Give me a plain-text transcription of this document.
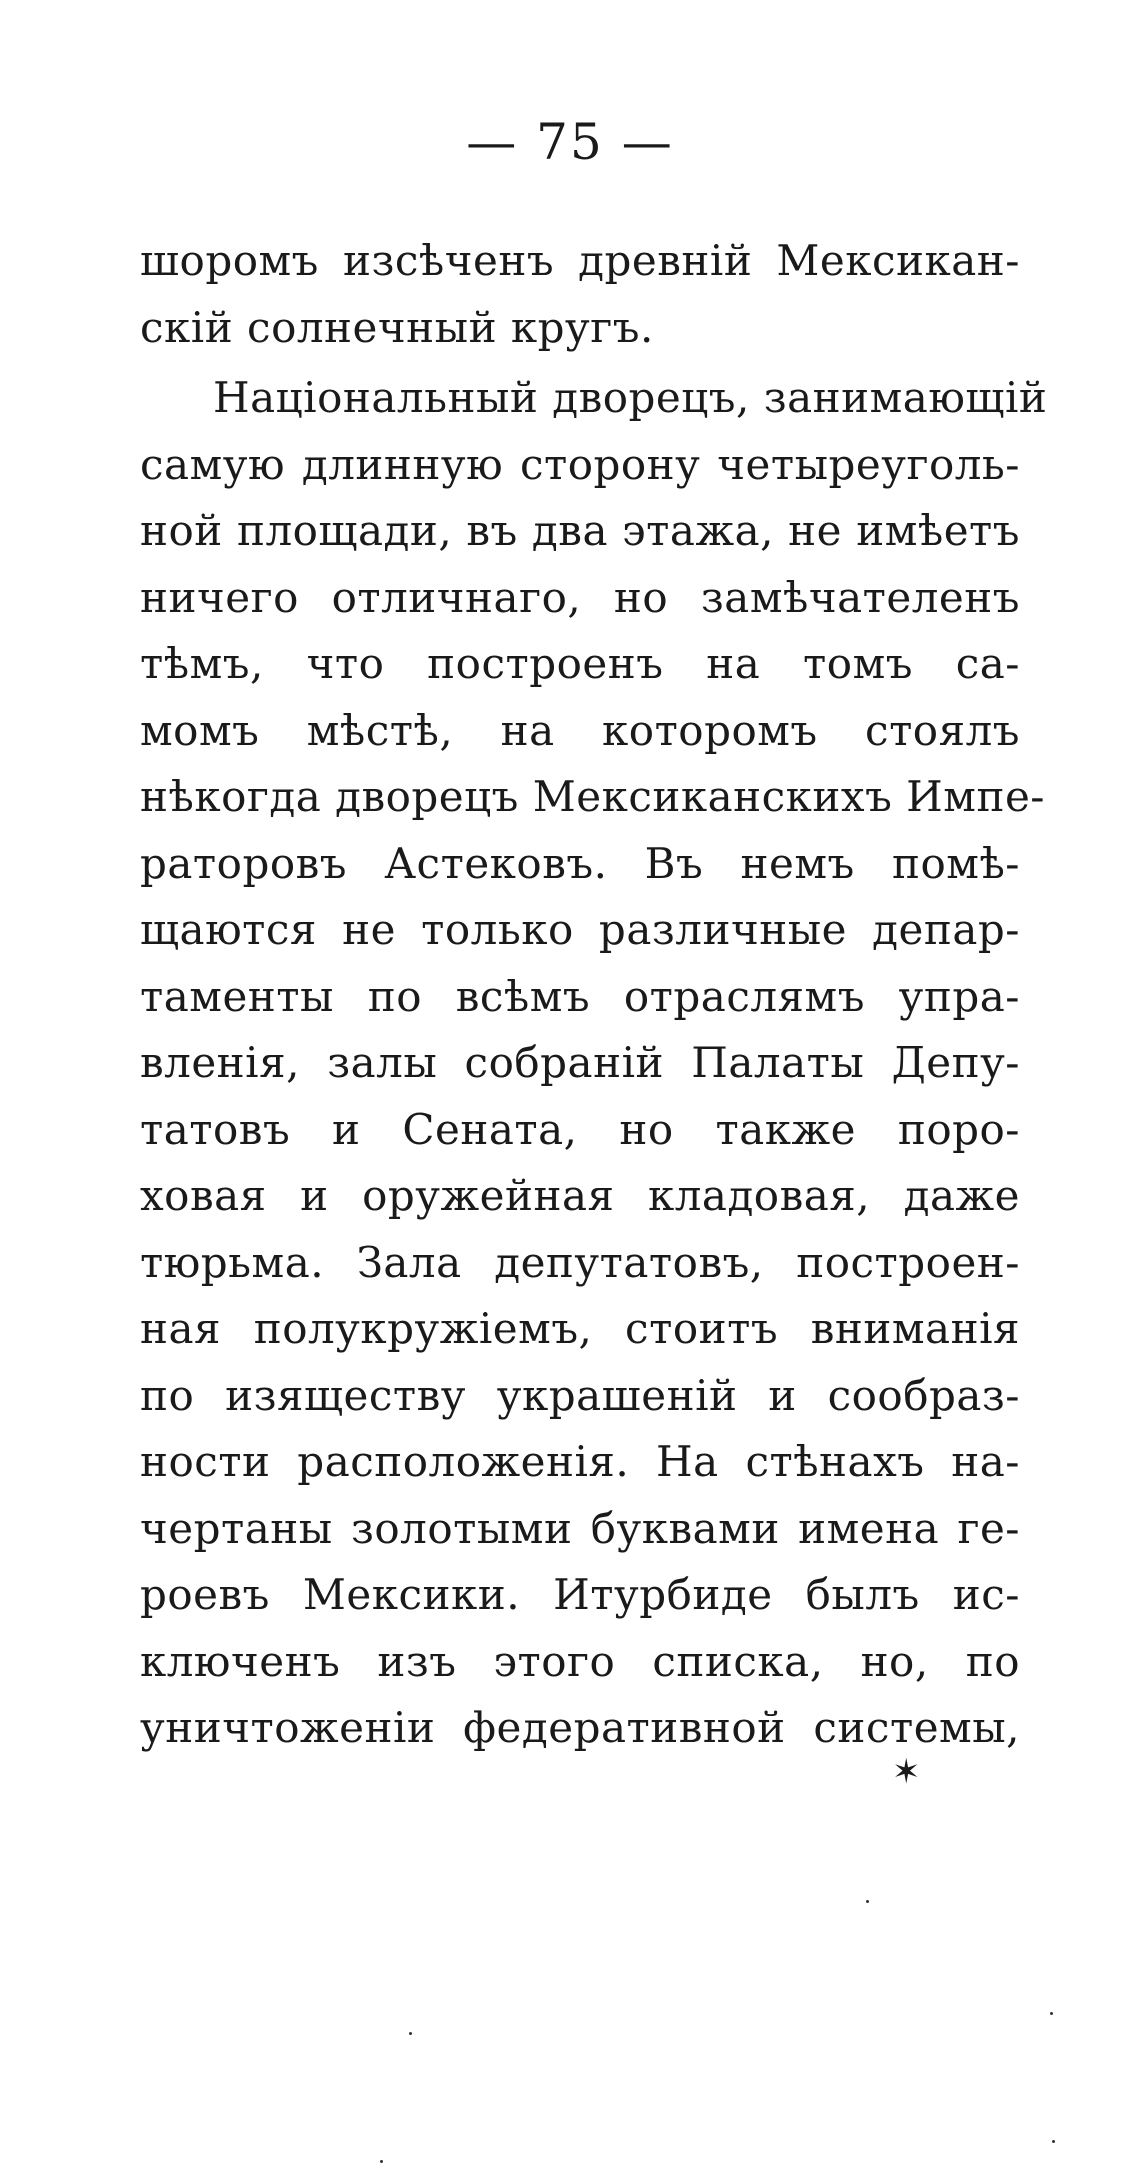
— 75 —
шоромъ изсѣченъ древній Мексикан-
скій солнечный кругъ.
Національный дворецъ, занимающій
самую длинную сторону четыреуголь-
ной площади, въ два этажа, не имѣетъ
ничего отличнаго, но замѣчателенъ
тѣмъ, что построенъ на томъ са-
момъ мѣстѣ, на которомъ стоялъ
нѣкогда дворецъ Мексиканскихъ Импе-
раторовъ Астековъ. Въ немъ помѣ-
щаются не только различные депар-
таменты по всѣмъ отраслямъ упра-
вленія, залы собраній Палаты Депу-
татовъ и Сената, но также поро-
ховая и оружейная кладовая, даже
тюрьма. Зала депутатовъ, построен-
ная полукружіемъ, стоитъ вниманія
по изяществу украшеній и сообраз-
ности расположенія. На стѣнахъ на-
чертаны золотыми буквами имена ге-
роевъ Мексики. Итурбиде былъ ис-
ключенъ изъ этого списка, но, по
уничтоженіи федеративной системы,
✶
